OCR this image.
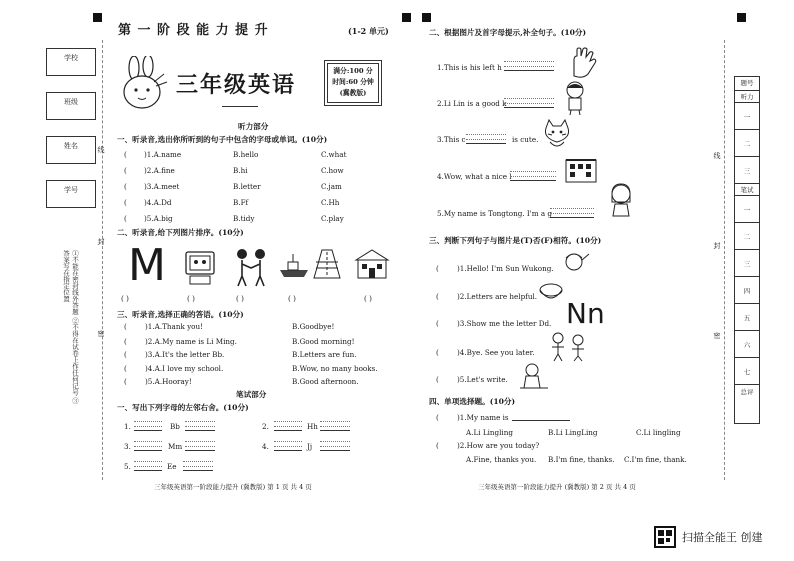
学校
班级
姓名
学号
线
封
密
①不能在密封线外答题 ②不得在试卷上作任何记号 ③答案写在指定位置
第 一 阶 段 能 力 提 升	(1-2 单元)
三年级英语
满分:100 分
时间:60 分钟
(冀教版)
听力部分
一、听录音,选出你所听到的句子中包含的字母或单词。(10分)
( )1.A.name	B.hello	C.what
( )2.A.fine	B.hi	C.how
( )3.A.meet	B.letter	C.jam
( )4.A.Dd	B.Ff	C.Hh
( )5.A.big	B.tidy	C.play
二、听录音,给下列图片排序。(10分)
M
( )	( )	( )	( )	( )
三、听录音,选择正确的答语。(10分)
(	)1.A.Thank you!	B.Goodbye!
(	)2.A.My name is Li Ming.	B.Good morning!
(	)3.A.It's the letter Bb.	B.Letters are fun.
(	)4.A.I love my school.	B.Wow, no many books.
(	)5.A.Hooray!	B.Good afternoon.
笔试部分
一、写出下列字母的左邻右舍。(10分)
1.	Bb	2.	Hh
3.	Mm	4.	Jj
5.	Ee
三年级英语第一阶段能力提升 (冀教版) 第 1 页 共 4 页
二、根据图片及首字母提示,补全句子。(10分)
1.This is his left h
2.Li Lin is a good k
3.This c	is cute.
4.Wow, what a nice l
5.My name is Tongtong. I'm a g
三、判断下列句子与图片是(T)否(F)相符。(10分)
(	)1.Hello! I'm Sun Wukong.
(	)2.Letters are helpful.
Nn
(	)3.Show me the letter Dd.
(	)4.Bye. See you later.
(	)5.Let's write.
四、单项选择题。(10分)
(	)1.My name is
A.Li Lingling	B.Li LingLing	C.Li lingling
(	)2.How are you today?
A.Fine, thanks you. B.I'm fine, thanks. C.I'm fine, thank.
三年级英语第一阶段能力提升 (冀教版) 第 2 页 共 4 页
线
封
密
题号
听力
一
二
三
笔试
一
二
三
四
五
六
七
总评
扫描全能王 创建
